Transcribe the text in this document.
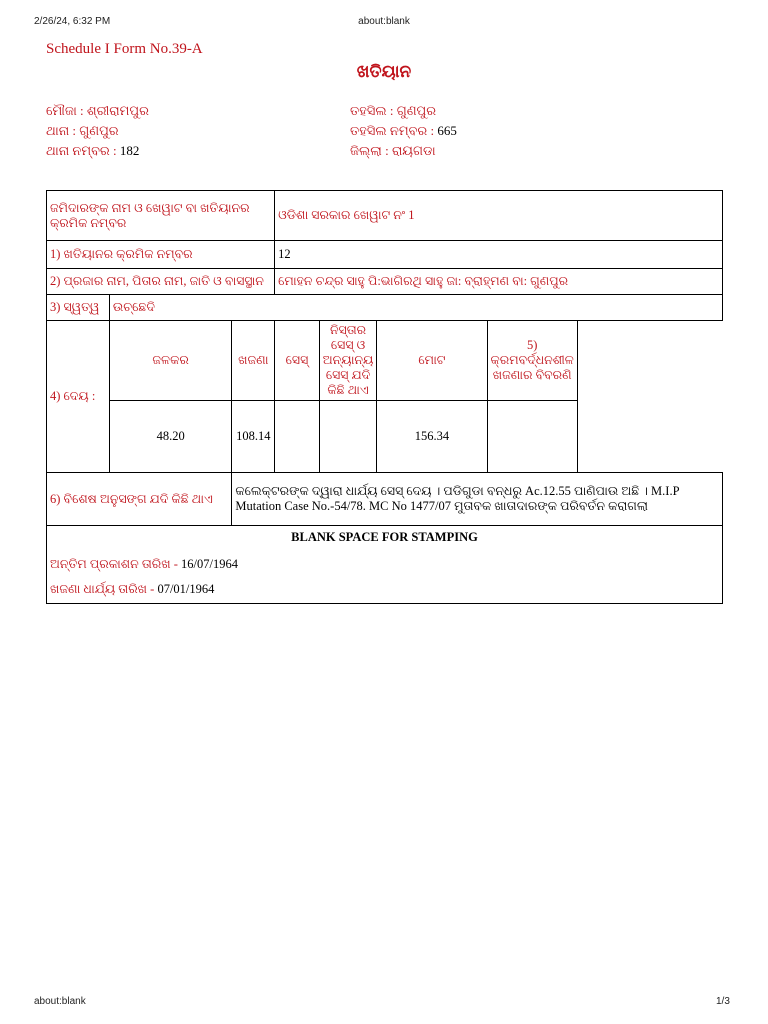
2/26/24, 6:32 PM	about:blank
Schedule I Form No.39-A
ଖତିୟାନ
ମୌଜା : ଶ୍ରୀରାମପୁର
ଥାନା : ଗୁଣପୁର
ଥାନା ନମ୍ବର : 182
ତହସିଲ : ଗୁଣପୁର
ତହସିଲ ନମ୍ବର : 665
ଜିଲ୍ଲା : ରାୟଗଡା
ଜମିଦାରଙ୍କ ନାମ ଓ ଖେୱାଟ ବା ଖତିୟାନର କ୍ରମିକ ନମ୍ବର			ଓଡିଶା ସରକାର ଖେୱାଟ ନଂ 1			
1) ଖତିୟାନର କ୍ରମିକ ନମ୍ବର			12			
2) ପ୍ରଜାର ନାମ, ପିତାର ନାମ, ଜାତି ଓ ବାସସ୍ଥାନ			ମୋହନ ଚନ୍ଦ୍ର ସାହୁ ପି:ଭାଗିରଥି ସାହୁ ଜା: ବ୍ରାହ୍ମଣ ବା: ଗୁଣପୁର			
3) ସ୍ୱତ୍ୱ	ଉଚ୍ଛେଦି					
4) ଦେୟ :	ଜଳକର	ଖଜଣା	ସେସ୍	ନିସ୍ତାର ସେସ୍ ଓ ଅନ୍ୟାନ୍ୟ ସେସ୍ ଯଦି କିଛି ଥାଏ	ମୋଟ	5) କ୍ରମବର୍ଦ୍ଧନଶୀଳ ଖଜଣାର ବିବରଣି
	48.20	108.14			156.34	
6) ବିଶେଷ ଅନୁସଙ୍ଗ ଯଦି କିଛି ଥାଏ		କଲେକ୍ଟରଙ୍କ ଦ୍ୱାରା ଧାର୍ଯ୍ୟ ସେସ୍ ଦେୟ । ପଡିଗୁଡା ବନ୍ଧରୁ Ac.12.55 ପାଣିପାଉ ଅଛି । M.I.P Mutation Case No.-54/78. MC No 1477/07 ମୁତାବକ ଖାତାଦାରଙ୍କ ପରିବର୍ତନ କରାଗଲା				

BLANK SPACE FOR STAMPING
ଅନ୍ତିମ ପ୍ରକାଶନ ତାରିଖ - 16/07/1964
ଖଜଣା ଧାର୍ଯ୍ୟ ତାରିଖ - 07/01/1964						
about:blank	1/3
